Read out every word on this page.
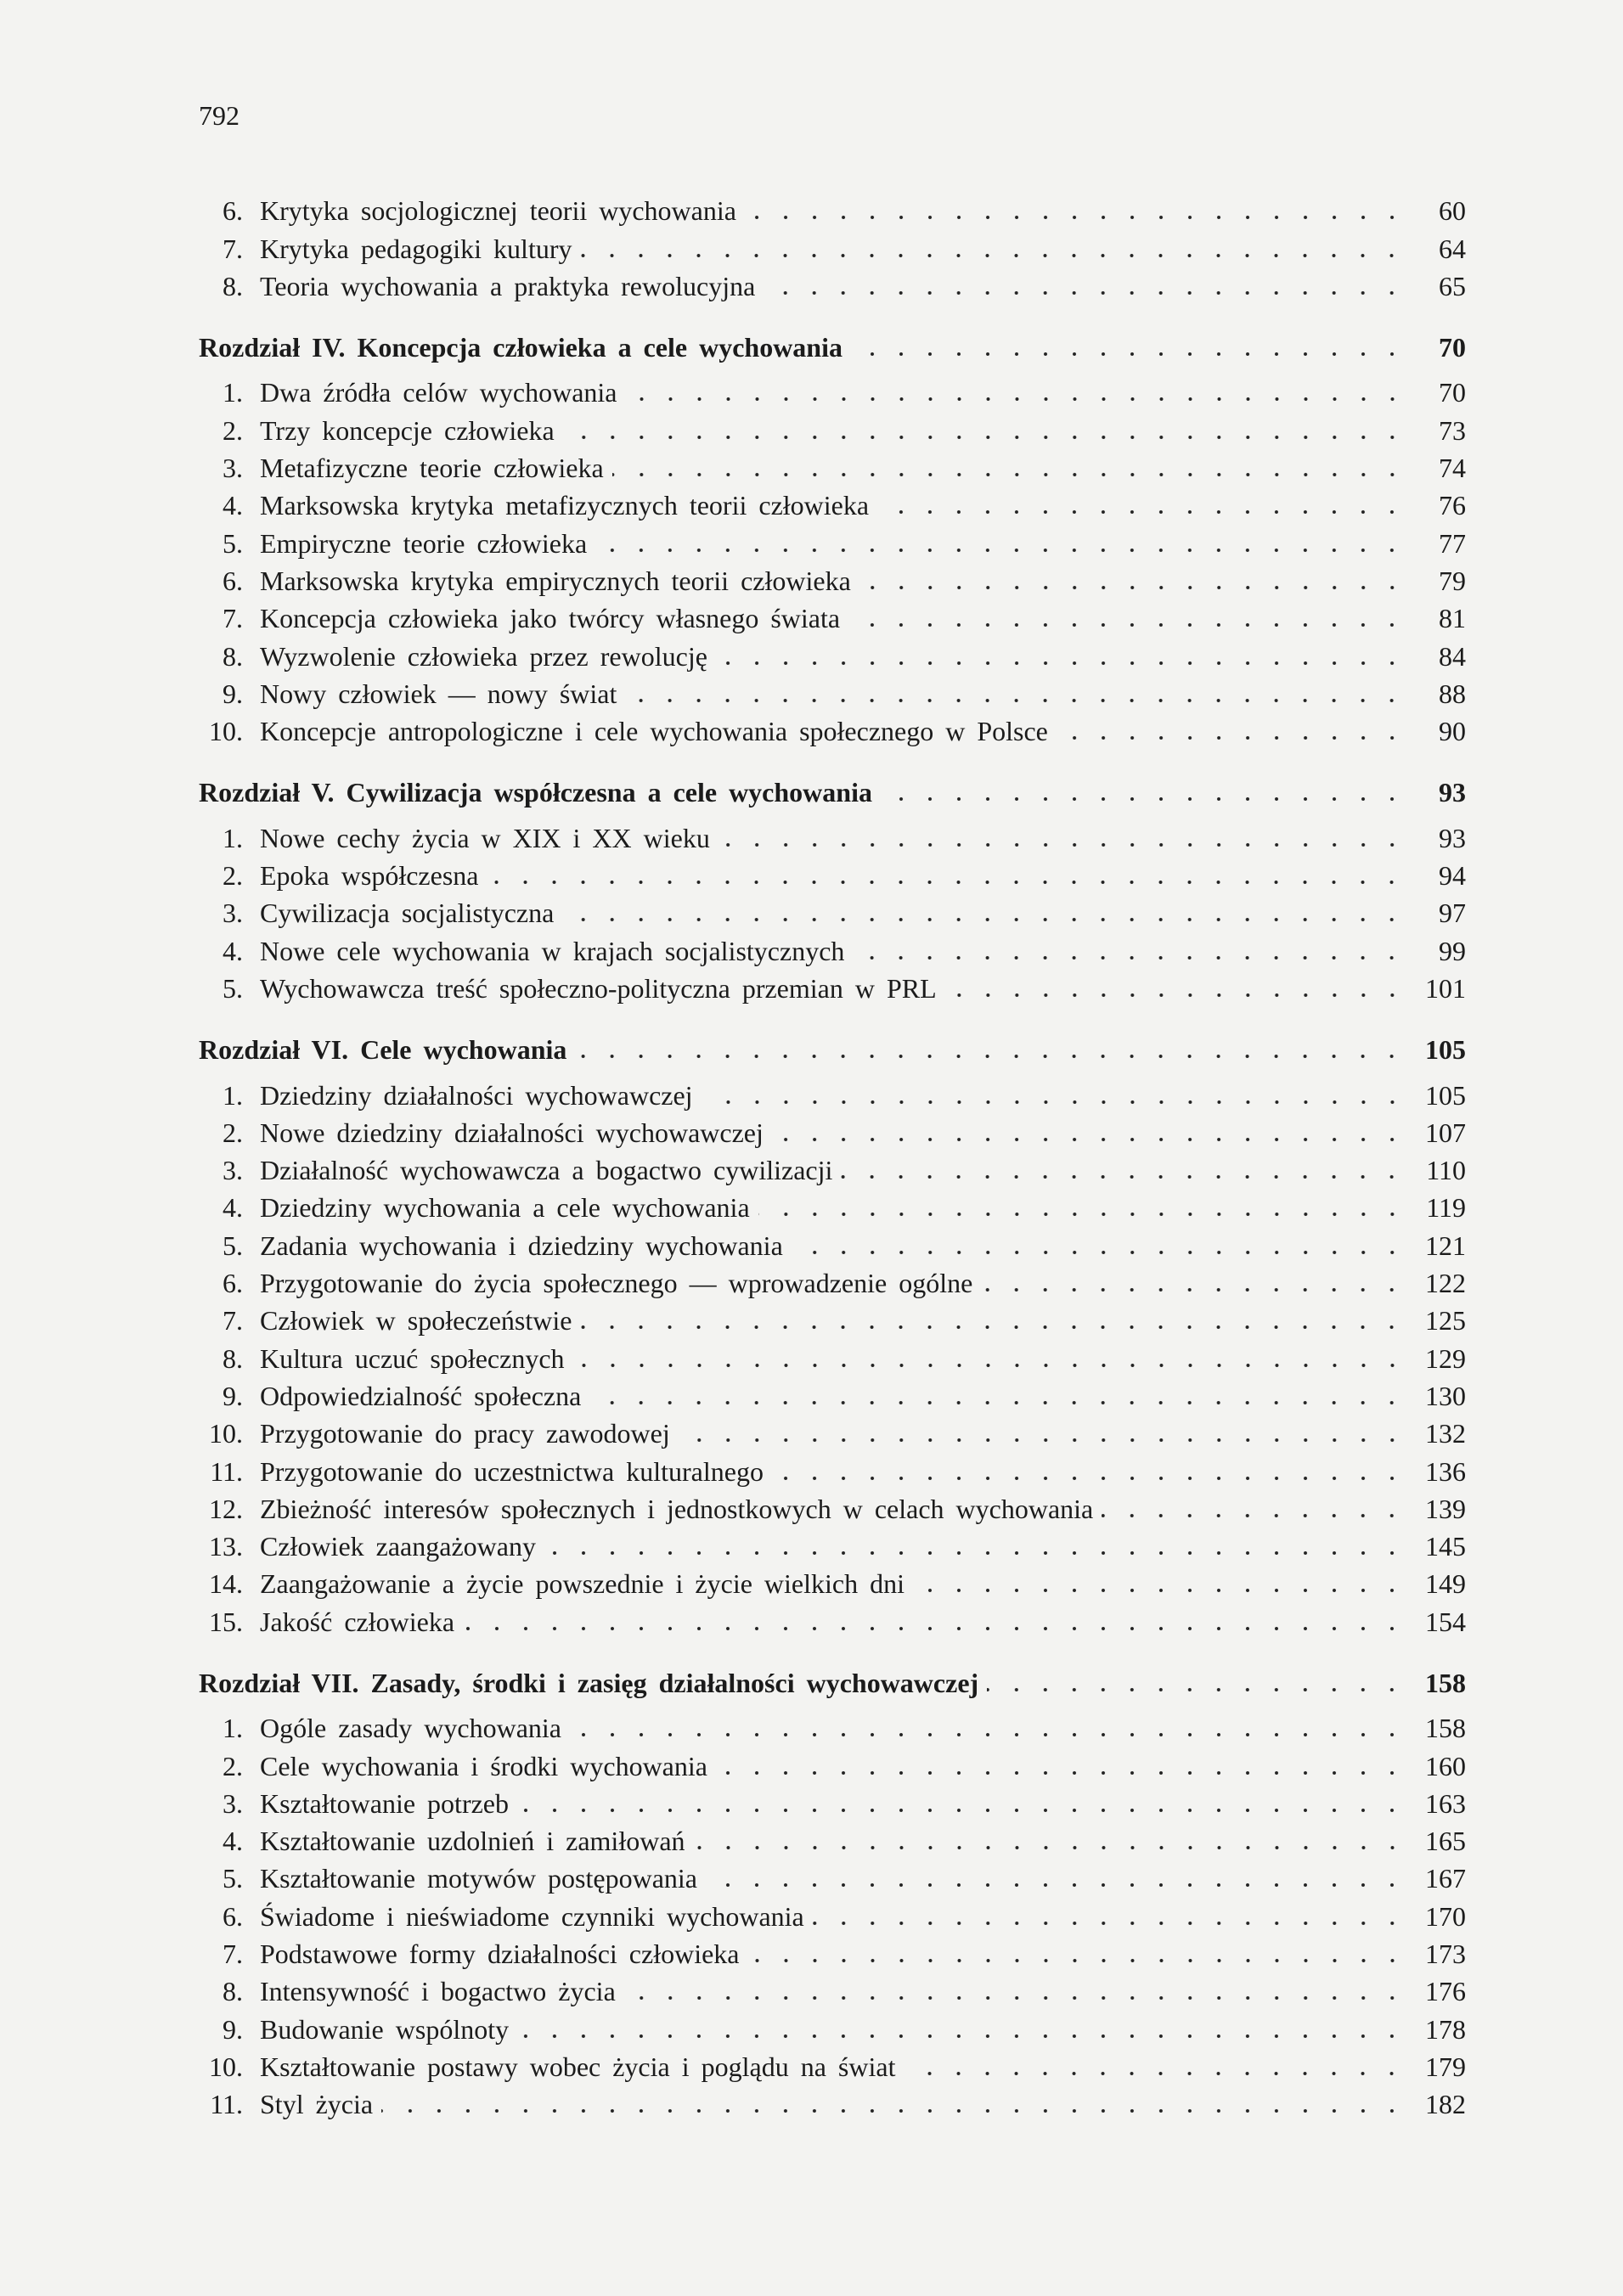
792
6. Krytyka socjologicznej teorii wychowania	60
7. Krytyka pedagogiki kultury	64
8. Teoria wychowania a praktyka rewolucyjna	65
Rozdział IV. Koncepcja człowieka a cele wychowania	70
1. Dwa źródła celów wychowania	70
2. Trzy koncepcje człowieka	73
3. Metafizyczne teorie człowieka	74
4. Marksowska krytyka metafizycznych teorii człowieka	76
5. Empiryczne teorie człowieka	77
6. Marksowska krytyka empirycznych teorii człowieka	79
7. Koncepcja człowieka jako twórcy własnego świata	81
8. Wyzwolenie człowieka przez rewolucję	84
9. Nowy człowiek — nowy świat	88
10. Koncepcje antropologiczne i cele wychowania społecznego w Polsce	90
Rozdział V. Cywilizacja współczesna a cele wychowania	93
1. Nowe cechy życia w XIX i XX wieku	93
2. Epoka współczesna	94
3. Cywilizacja socjalistyczna	97
4. Nowe cele wychowania w krajach socjalistycznych	99
5. Wychowawcza treść społeczno-polityczna przemian w PRL	101
Rozdział VI. Cele wychowania	105
1. Dziedziny działalności wychowawczej	105
2. Nowe dziedziny działalności wychowawczej	107
3. Działalność wychowawcza a bogactwo cywilizacji	110
4. Dziedziny wychowania a cele wychowania	119
5. Zadania wychowania i dziedziny wychowania	121
6. Przygotowanie do życia społecznego — wprowadzenie ogólne	122
7. Człowiek w społeczeństwie	125
8. Kultura uczuć społecznych	129
9. Odpowiedzialność społeczna	130
10. Przygotowanie do pracy zawodowej	132
11. Przygotowanie do uczestnictwa kulturalnego	136
12. Zbieżność interesów społecznych i jednostkowych w celach wychowania	139
13. Człowiek zaangażowany	145
14. Zaangażowanie a życie powszednie i życie wielkich dni	149
15. Jakość człowieka	154
Rozdział VII. Zasady, środki i zasięg działalności wychowawczej	158
1. Ogóle zasady wychowania	158
2. Cele wychowania i środki wychowania	160
3. Kształtowanie potrzeb	163
4. Kształtowanie uzdolnień i zamiłowań	165
5. Kształtowanie motywów postępowania	167
6. Świadome i nieświadome czynniki wychowania	170
7. Podstawowe formy działalności człowieka	173
8. Intensywność i bogactwo życia	176
9. Budowanie wspólnoty	178
10. Kształtowanie postawy wobec życia i poglądu na świat	179
11. Styl życia	182
